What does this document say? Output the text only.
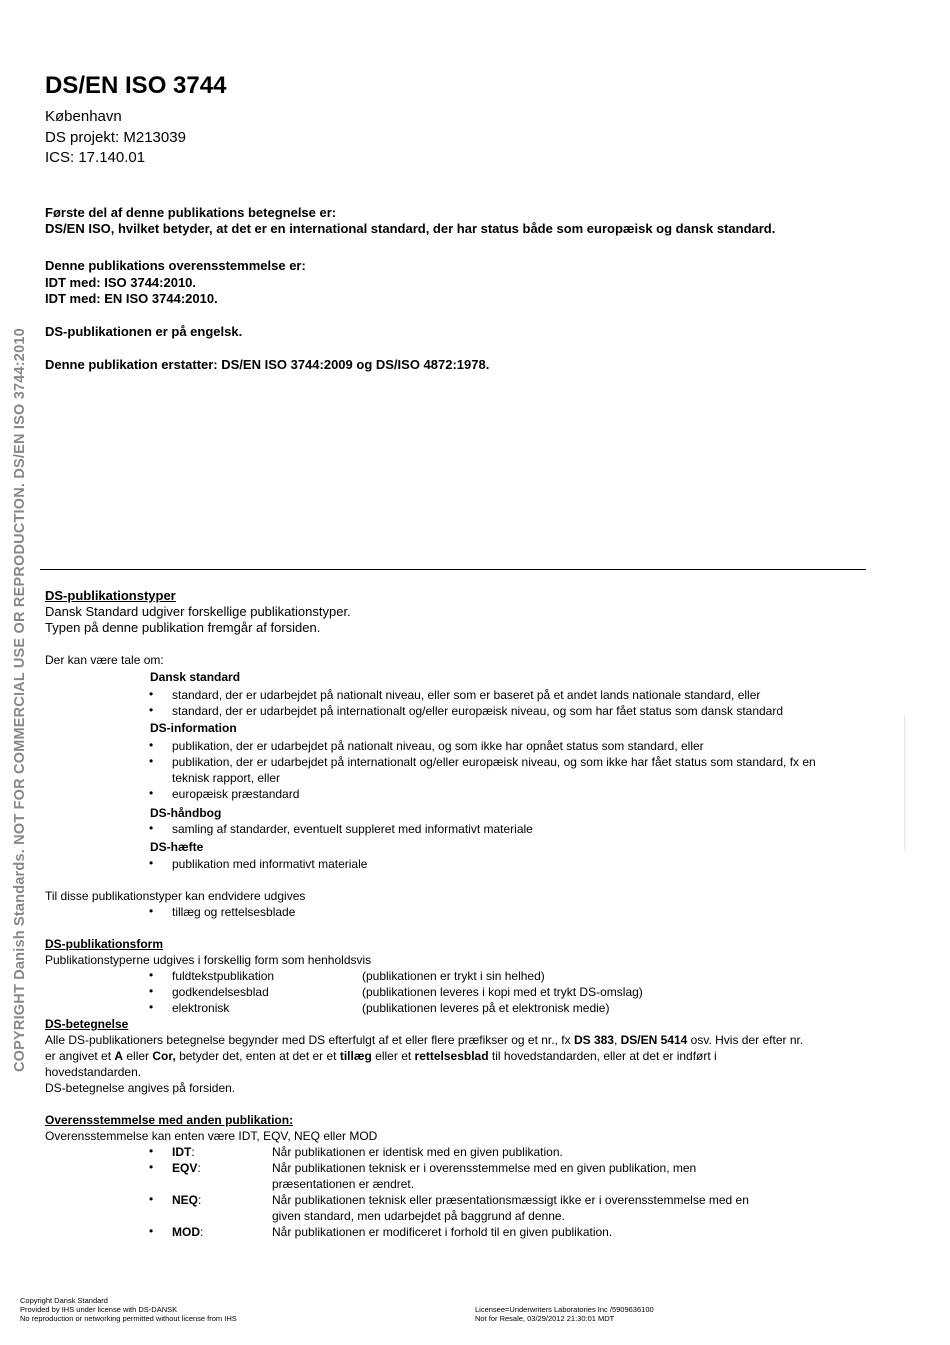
DS/EN ISO 3744
København
DS projekt: M213039
ICS: 17.140.01
Første del af denne publikations betegnelse er:
DS/EN ISO, hvilket betyder, at det er en international standard, der har status både som europæisk og dansk standard.
Denne publikations overensstemmelse er:
IDT med: ISO 3744:2010.
IDT med: EN ISO 3744:2010.
DS-publikationen er på engelsk.
Denne publikation erstatter: DS/EN ISO 3744:2009 og DS/ISO 4872:1978.
COPYRIGHT Danish Standards. NOT FOR COMMERCIAL USE OR REPRODUCTION. DS/EN ISO 3744:2010 DS-publikationstyper
Dansk Standard udgiver forskellige publikationstyper.
Typen på denne publikation fremgår af forsiden.
Der kan være tale om:
Dansk standard
• standard, der er udarbejdet på nationalt niveau, eller som er baseret på et andet lands nationale standard, eller
• standard, der er udarbejdet på internationalt og/eller europæisk niveau, og som har fået status som dansk standard
DS-information
• publikation, der er udarbejdet på nationalt niveau, og som ikke har opnået status som standard, eller
• publikation, der er udarbejdet på internationalt og/eller europæisk niveau, og som ikke har fået status som standard, fx en
teknisk rapport, eller
• europæisk præstandard
DS-håndbog
• samling af standarder, eventuelt suppleret med informativt materiale
DS-hæfte
• publikation med informativt materiale
Til disse publikationstyper kan endvidere udgives
• tillæg og rettelsesblade
DS-publikationsform
Publikationstyperne udgives i forskellig form som henholdsvis
• fuldtekstpublikation	(publikationen er trykt i sin helhed)
• godkendelsesblad	(publikationen leveres i kopi med et trykt DS-omslag)
• elektronisk	(publikationen leveres på et elektronisk medie)
DS-betegnelse
Alle DS-publikationers betegnelse begynder med DS efterfulgt af et eller flere præfikser og et nr., fx DS 383, DS/EN 5414 osv. Hvis der efter nr.
er angivet et A eller Cor, betyder det, enten at det er et tillæg eller et rettelsesblad til hovedstandarden, eller at det er indført i
hovedstandarden.
DS-betegnelse angives på forsiden.
Overensstemmelse med anden publikation:
Overensstemmelse kan enten være IDT, EQV, NEQ eller MOD
• IDT:	Når publikationen er identisk med en given publikation.
• EQV:	Når publikationen teknisk er i overensstemmelse med en given publikation, men
præsentationen er ændret.
• NEQ:	Når publikationen teknisk eller præsentationsmæssigt ikke er i overensstemmelse med en
given standard, men udarbejdet på baggrund af denne.
• MOD:	Når publikationen er modificeret i forhold til en given publikation.
Copyright Dansk Standard
Provided by IHS under license with DS-DANSK
No reproduction or networking permitted without license from IHS
Licensee=Underwriters Laboratories Inc /5909636100
Not for Resale, 03/29/2012 21:30:01 MDT
